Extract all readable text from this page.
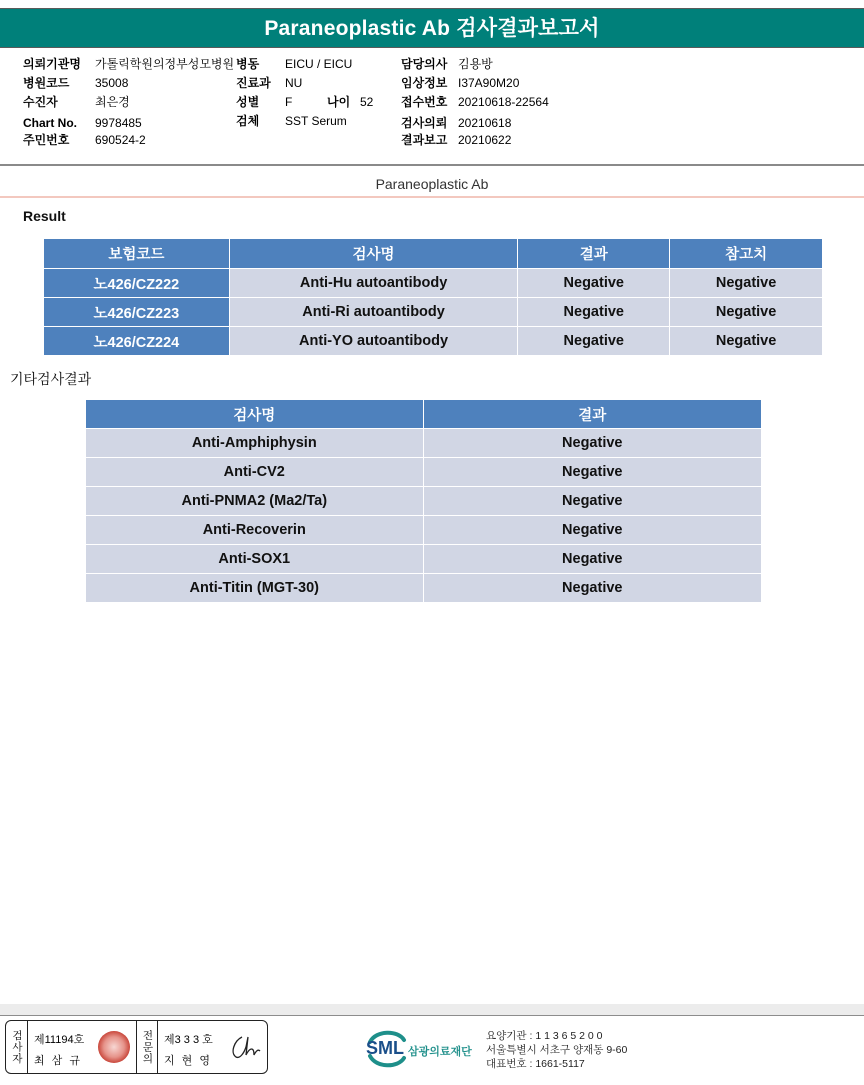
Paraneoplastic Ab 검사결과보고서
의뢰기관명 가톨릭학원의정부성모병원
병원코드 35008
수진자	최은경
Chart No. 9978485
주민번호 690524-2
병동 EICU / EICU
진료과 NU
성별 F	나이 52
검체 SST Serum
담당의사 김용방
임상정보 I37A90M20
접수번호 20210618-22564
검사의뢰 20210618
결과보고 20210622
Paraneoplastic Ab
Result
보험코드	검사명	결과	참고치
노426/CZ222	Anti-Hu autoantibody	Negative	Negative
노426/CZ223	Anti-Ri autoantibody	Negative	Negative
노426/CZ224	Anti-YO autoantibody	Negative	Negative
기타검사결과
검사명	결과
Anti-Amphiphysin	Negative
Anti-CV2	Negative
Anti-PNMA2 (Ma2/Ta)	Negative
Anti-Recoverin	Negative
Anti-SOX1	Negative
Anti-Titin (MGT-30)	Negative
검사자 제11194호
최 삼 규	전문의 제3 3 3 호
지 현 영
SML 삼광의료재단
요양기관 : 1 1 3 6 5 2 0 0
서울특별시 서초구 양재동 9-60
대표번호 : 1661-5117
